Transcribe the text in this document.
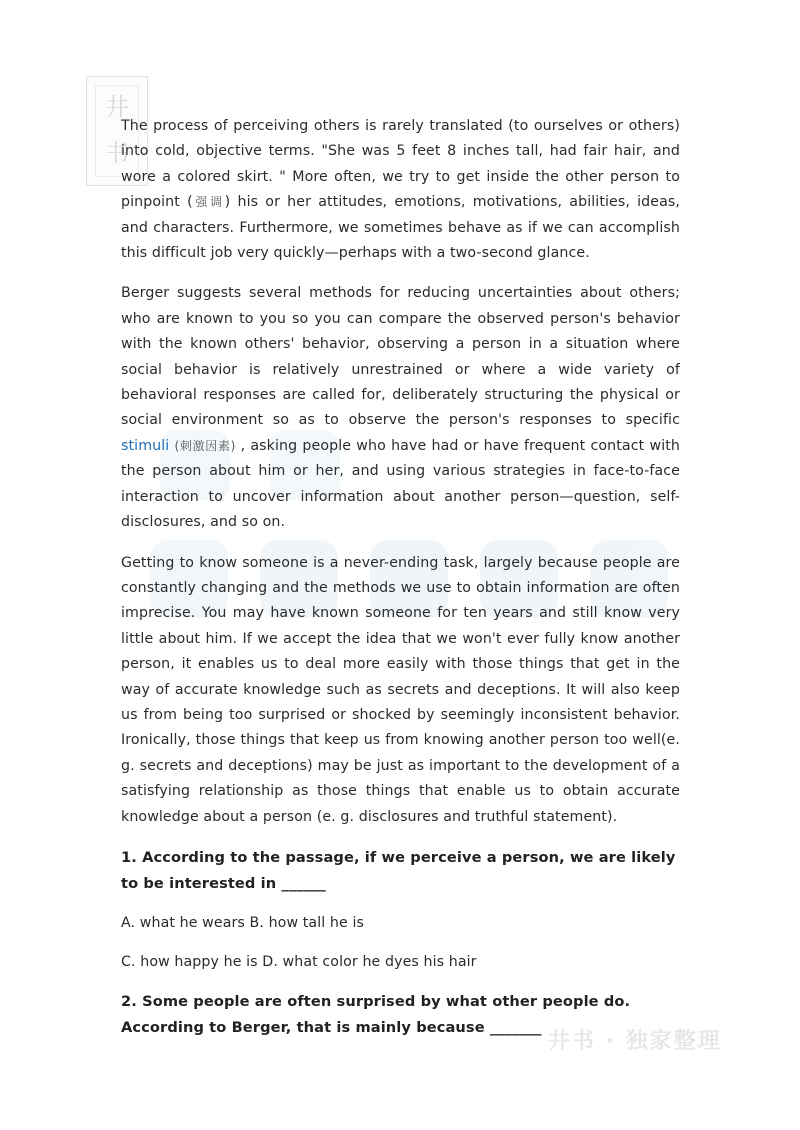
井
书

The process of perceiving others is rarely translated (to ourselves or others) into cold, objective terms. "She was 5 feet 8 inches tall, had fair hair, and wore a colored skirt. " More often, we try to get inside the other person to pinpoint (强调) his or her attitudes, emotions, motivations, abilities, ideas, and characters. Furthermore, we sometimes behave as if we can accomplish this difficult job very quickly—perhaps with a two-second glance.

Berger suggests several methods for reducing uncertainties about others; who are known to you so you can compare the observed person's behavior with the known others' behavior, observing a person in a situation where social behavior is relatively unrestrained or where a wide variety of behavioral responses are called for, deliberately structuring the physical or social environment so as to observe the person's responses to specific stimuli (刺激因素) , asking people who have had or have frequent contact with the person about him or her, and using various strategies in face-to-face interaction to uncover information about another person—question, self-disclosures, and so on.

Getting to know someone is a never-ending task, largely because people are constantly changing and the methods we use to obtain information are often imprecise. You may have known someone for ten years and still know very little about him. If we accept the idea that we won't ever fully know another person, it enables us to deal more easily with those things that get in the way of accurate knowledge such as secrets and deceptions. It will also keep us from being too surprised or shocked by seemingly inconsistent behavior. Ironically, those things that keep us from knowing another person too well(e. g. secrets and deceptions) may be just as important to the development of a satisfying relationship as those things that enable us to obtain accurate knowledge about a person (e. g. disclosures and truthful statement).

1. According to the passage, if we perceive a person, we are likely to be interested in ______

A. what he wears B. how tall he is

C. how happy he is D. what color he dyes his hair

2. Some people are often surprised by what other people do. According to Berger, that is mainly because _______

井书 · 独家整理
